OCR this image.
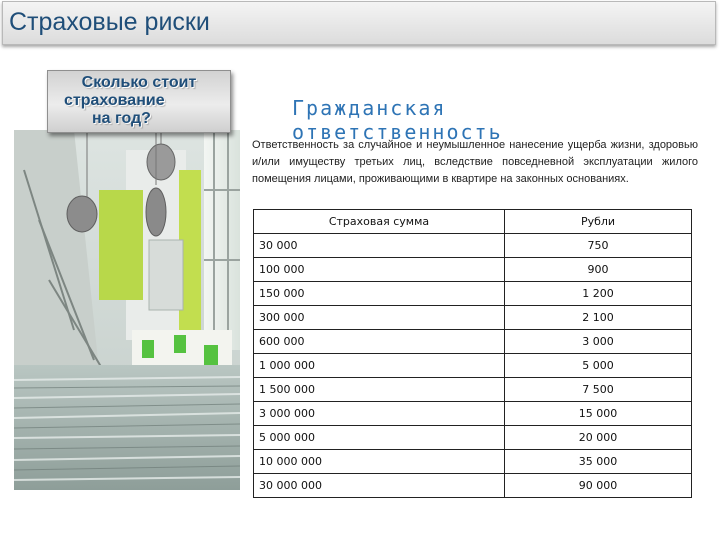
Страховые риски
Сколько стоит
страхование
на год?	Гражданская ответственность
Ответственность за случайное и неумышленное нанесение ущерба жизни, здоровью и/или имуществу третьих лиц, вследствие повседневной эксплуатации жилого помещения лицами, проживающими в квартире на законных основаниях.
Страховая сумма	Рубли
30 000	750
100 000	900
150 000	1 200
300 000	2 100
600 000	3 000
1 000 000	5 000
1 500 000	7 500
3 000 000	15 000
5 000 000	20 000
10 000 000	35 000
30 000 000	90 000
